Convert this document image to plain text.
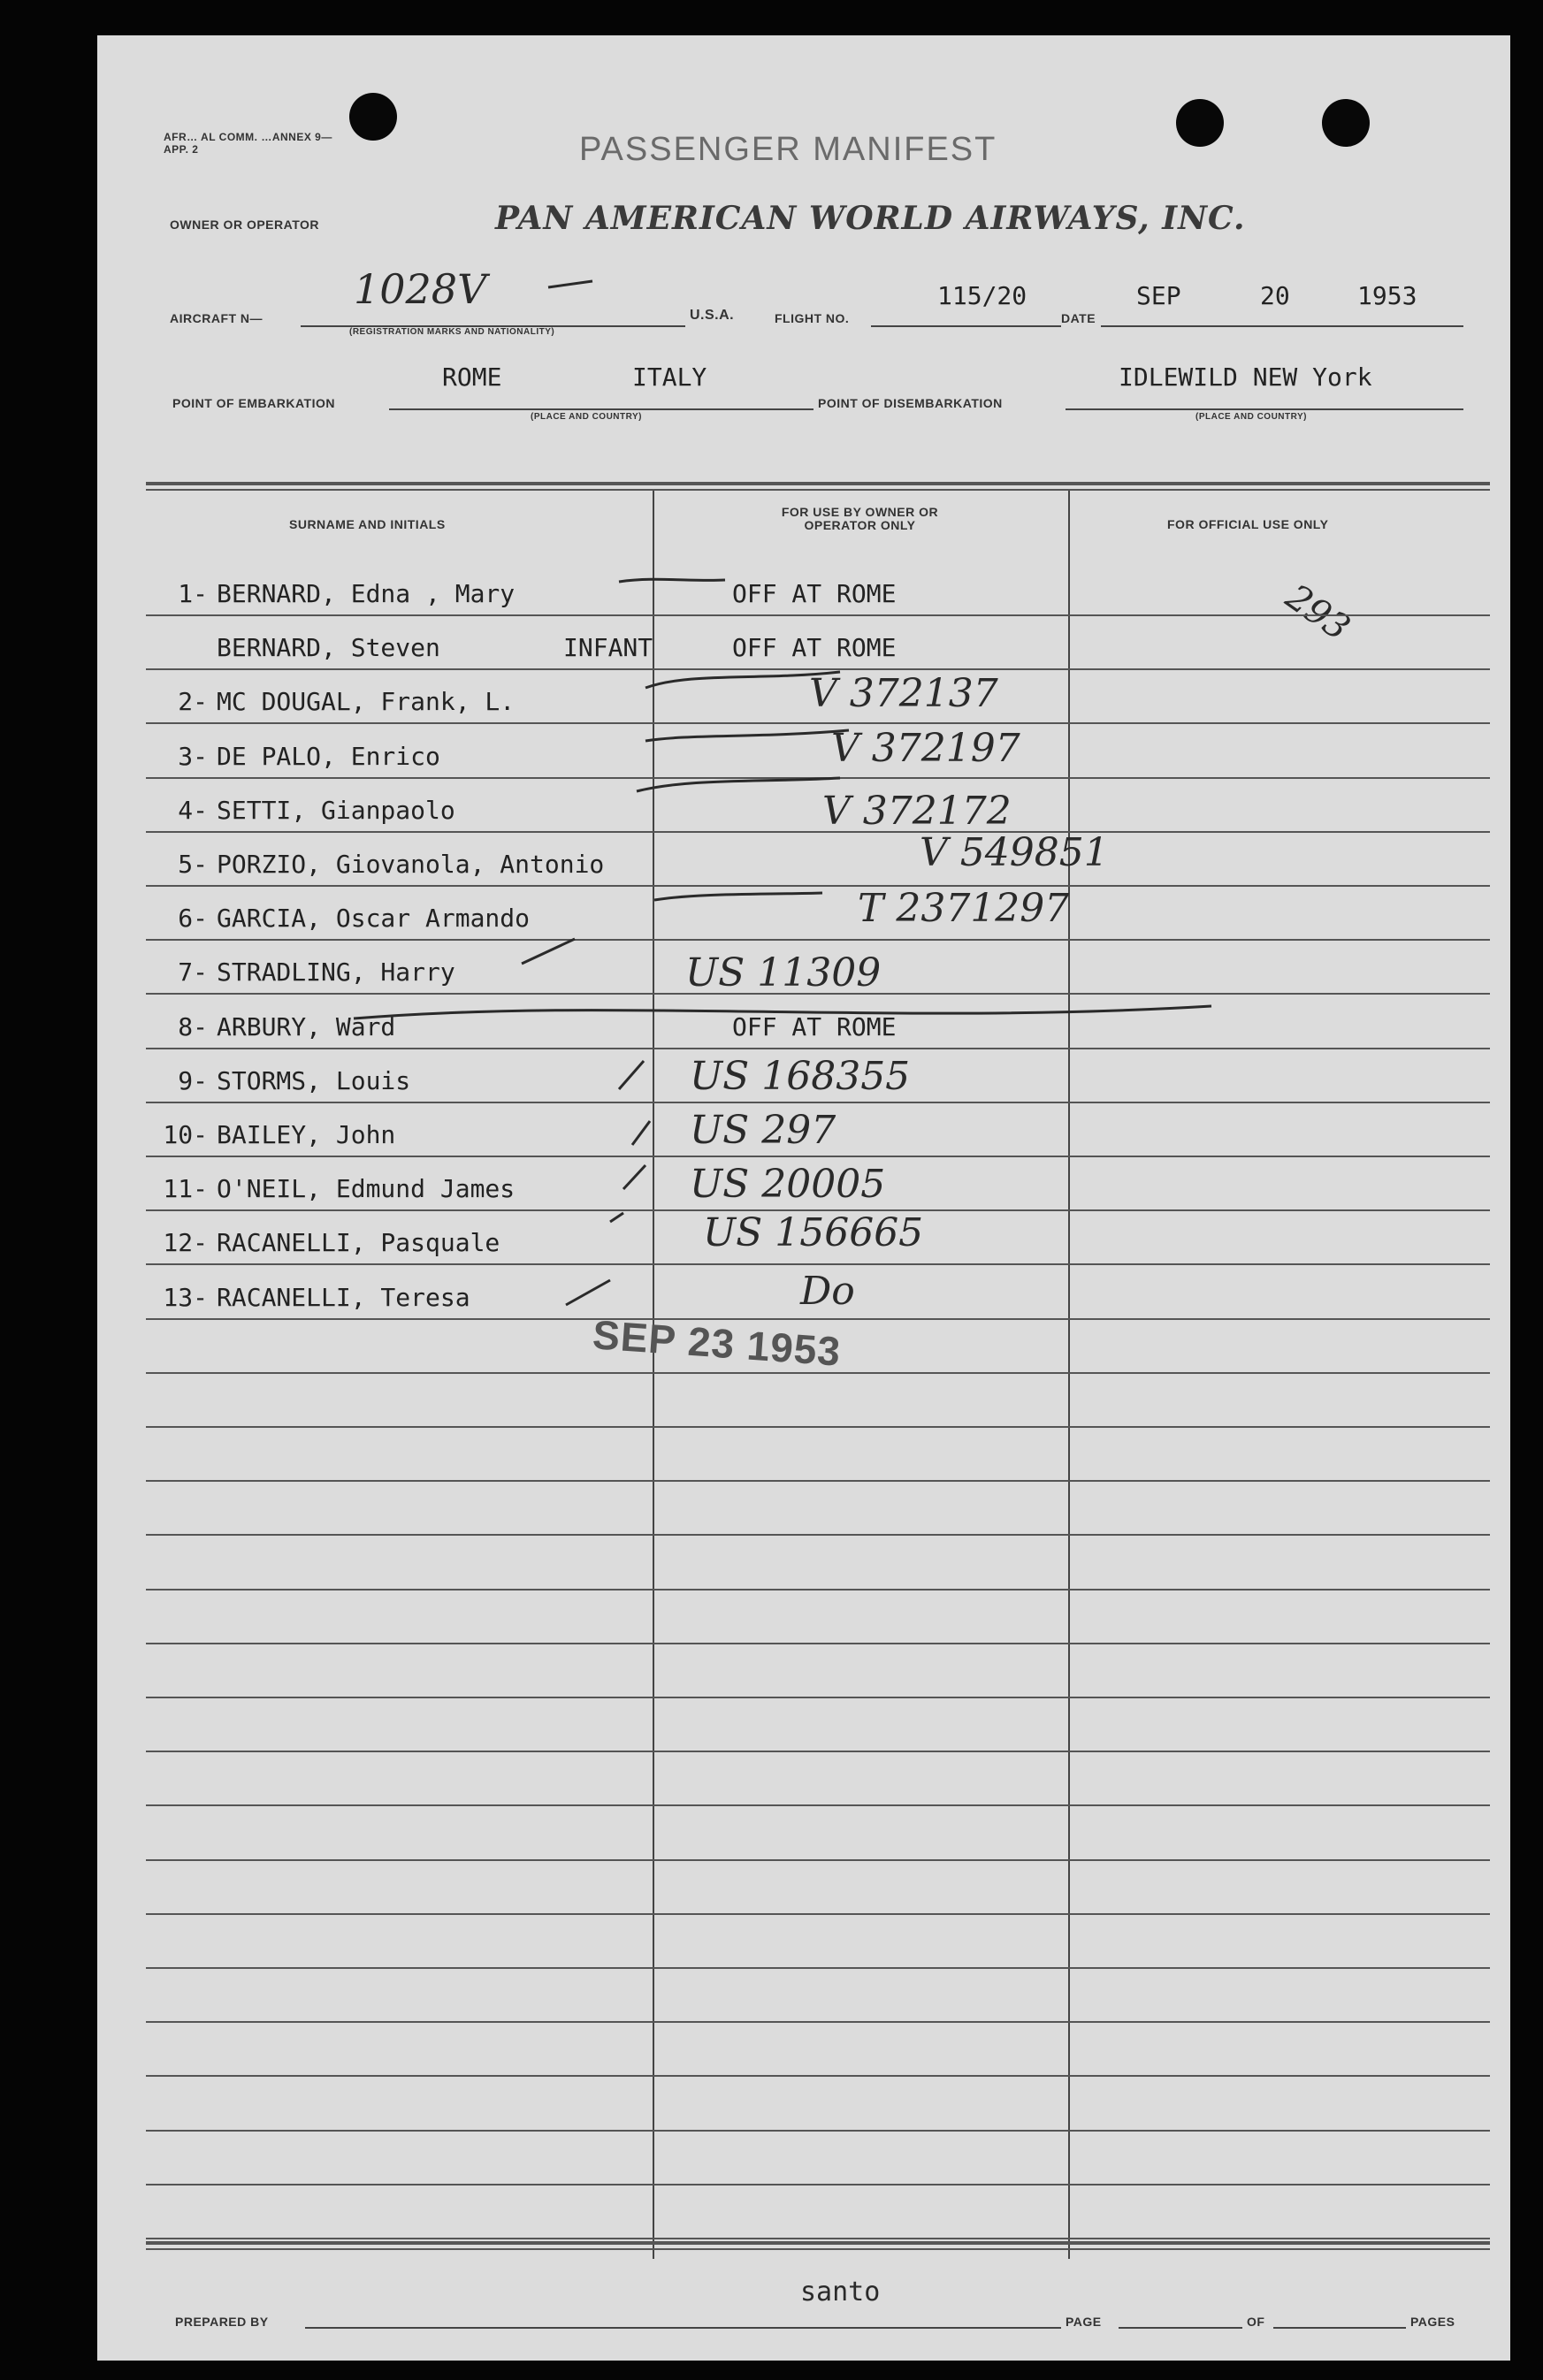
AFR… AL COMM. …ANNEX 9—APP. 2	PASSENGER MANIFEST
OWNER OR OPERATOR	PAN AMERICAN WORLD AIRWAYS, INC.
AIRCRAFT N—
1028V
(REGISTRATION MARKS AND NATIONALITY)
U.S.A.	FLIGHT NO.
115/20
DATE
SEP	20	1953
POINT OF EMBARKATION
ROME	ITALY
(PLACE AND COUNTRY)
POINT OF DISEMBARKATION
IDLEWILD NEW York
(PLACE AND COUNTRY)
SURNAME AND INITIALS
FOR USE BY OWNER OR OPERATOR ONLY	FOR OFFICIAL USE ONLY
293
1- BERNARD, Edna , Mary	OFF AT ROME
BERNARD, Steven	INFANT	OFF AT ROME
2- MC DOUGAL, Frank, L.	V 372137
3- DE PALO, Enrico	V 372197
4- SETTI, Gianpaolo	V 372172
5- PORZIO, Giovanola, Antonio	V 549851
6- GARCIA, Oscar Armando	T 2371297
7- STRADLING, Harry	US 11309
8- ARBURY, Ward	OFF AT ROME
9- STORMS, Louis	US 168355
10- BAILEY, John	US 297
11- O'NEIL, Edmund James	US 20005
12- RACANELLI, Pasquale	US 156665
13- RACANELLI, Teresa	Do
SEP 23 1953
santo
PREPARED BY	PAGE	OF	PAGES
